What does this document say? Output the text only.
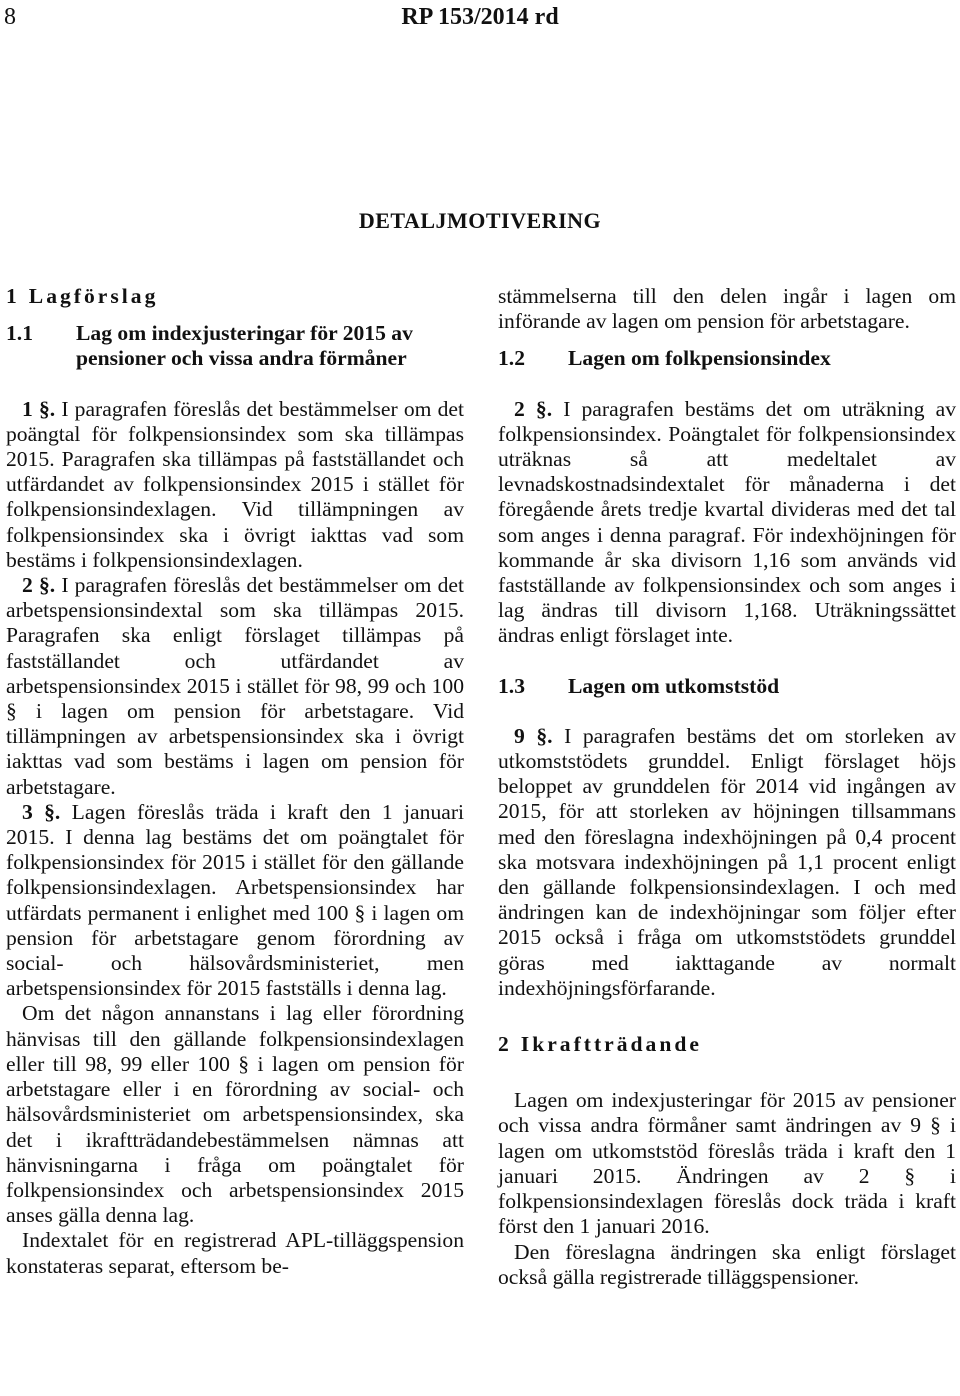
8	RP 153/2014 rd
DETALJMOTIVERING
1 Lagförslag
1.1	Lag om indexjusteringar för 2015 av pensioner och vissa andra förmåner

1 §. I paragrafen föreslås det bestämmelser om det poängtal för folkpensionsindex som ska tillämpas 2015. Paragrafen ska tillämpas på fastställandet och utfärdandet av folkpensionsindex 2015 i stället för folkpensionsindexlagen. Vid tillämpningen av folkpensionsindex ska i övrigt iakttas vad som bestäms i folkpensionsindexlagen.

2 §. I paragrafen föreslås det bestämmelser om det arbetspensionsindextal som ska tillämpas 2015. Paragrafen ska enligt förslaget tillämpas på fastställandet och utfärdandet av arbetspensionsindex 2015 i stället för 98, 99 och 100 § i lagen om pension för arbetstagare. Vid tillämpningen av arbetspensionsindex ska i övrigt iakttas vad som bestäms i lagen om pension för arbetstagare.

3 §. Lagen föreslås träda i kraft den 1 januari 2015. I denna lag bestäms det om poängtalet för folkpensionsindex för 2015 i stället för den gällande folkpensionsindexlagen. Arbetspensionsindex har utfärdats permanent i enlighet med 100 § i lagen om pension för arbetstagare genom förordning av social- och hälsovårdsministeriet, men arbetspensionsindex för 2015 fastställs i denna lag.

Om det någon annanstans i lag eller förordning hänvisas till den gällande folkpensionsindexlagen eller till 98, 99 eller 100 § i lagen om pension för arbetstagare eller i en förordning av social- och hälsovårdsministeriet om arbetspensionsindex, ska det i ikraftträdandebestämmelsen nämnas att hänvisningarna i fråga om poängtalet för folkpensionsindex och arbetspensionsindex 2015 anses gälla denna lag.

Indextalet för en registrerad APL-tilläggspension konstateras separat, eftersom be-

stämmelserna till den delen ingår i lagen om införande av lagen om pension för arbetstagare.

1.2	Lagen om folkpensionsindex

2 §. I paragrafen bestäms det om uträkning av folkpensionsindex. Poängtalet för folkpensionsindex uträknas så att medeltalet av levnadskostnadsindextalet för månaderna i det föregående årets tredje kvartal divideras med det tal som anges i denna paragraf. För indexhöjningen för kommande år ska divisorn 1,16 som används vid fastställande av folkpensionsindex och som anges i lag ändras till divisorn 1,168. Uträkningssättet ändras enligt förslaget inte.

1.3	Lagen om utkomststöd

9 §. I paragrafen bestäms det om storleken av utkomststödets grunddel. Enligt förslaget höjs beloppet av grunddelen för 2014 vid ingången av 2015, för att storleken av höjningen tillsammans med den föreslagna indexhöjningen på 0,4 procent ska motsvara indexhöjningen på 1,1 procent enligt den gällande folkpensionsindexlagen. I och med ändringen kan de indexhöjningar som följer efter 2015 också i fråga om utkomststödets grunddel göras med iakttagande av normalt indexhöjningsförfarande.

2 Ikraftträdande

Lagen om indexjusteringar för 2015 av pensioner och vissa andra förmåner samt ändringen av 9 § i lagen om utkomststöd föreslås träda i kraft den 1 januari 2015. Ändringen av 2 § i folkpensionsindexlagen föreslås dock träda i kraft först den 1 januari 2016.

Den föreslagna ändringen ska enligt förslaget också gälla registrerade tilläggspensioner.
